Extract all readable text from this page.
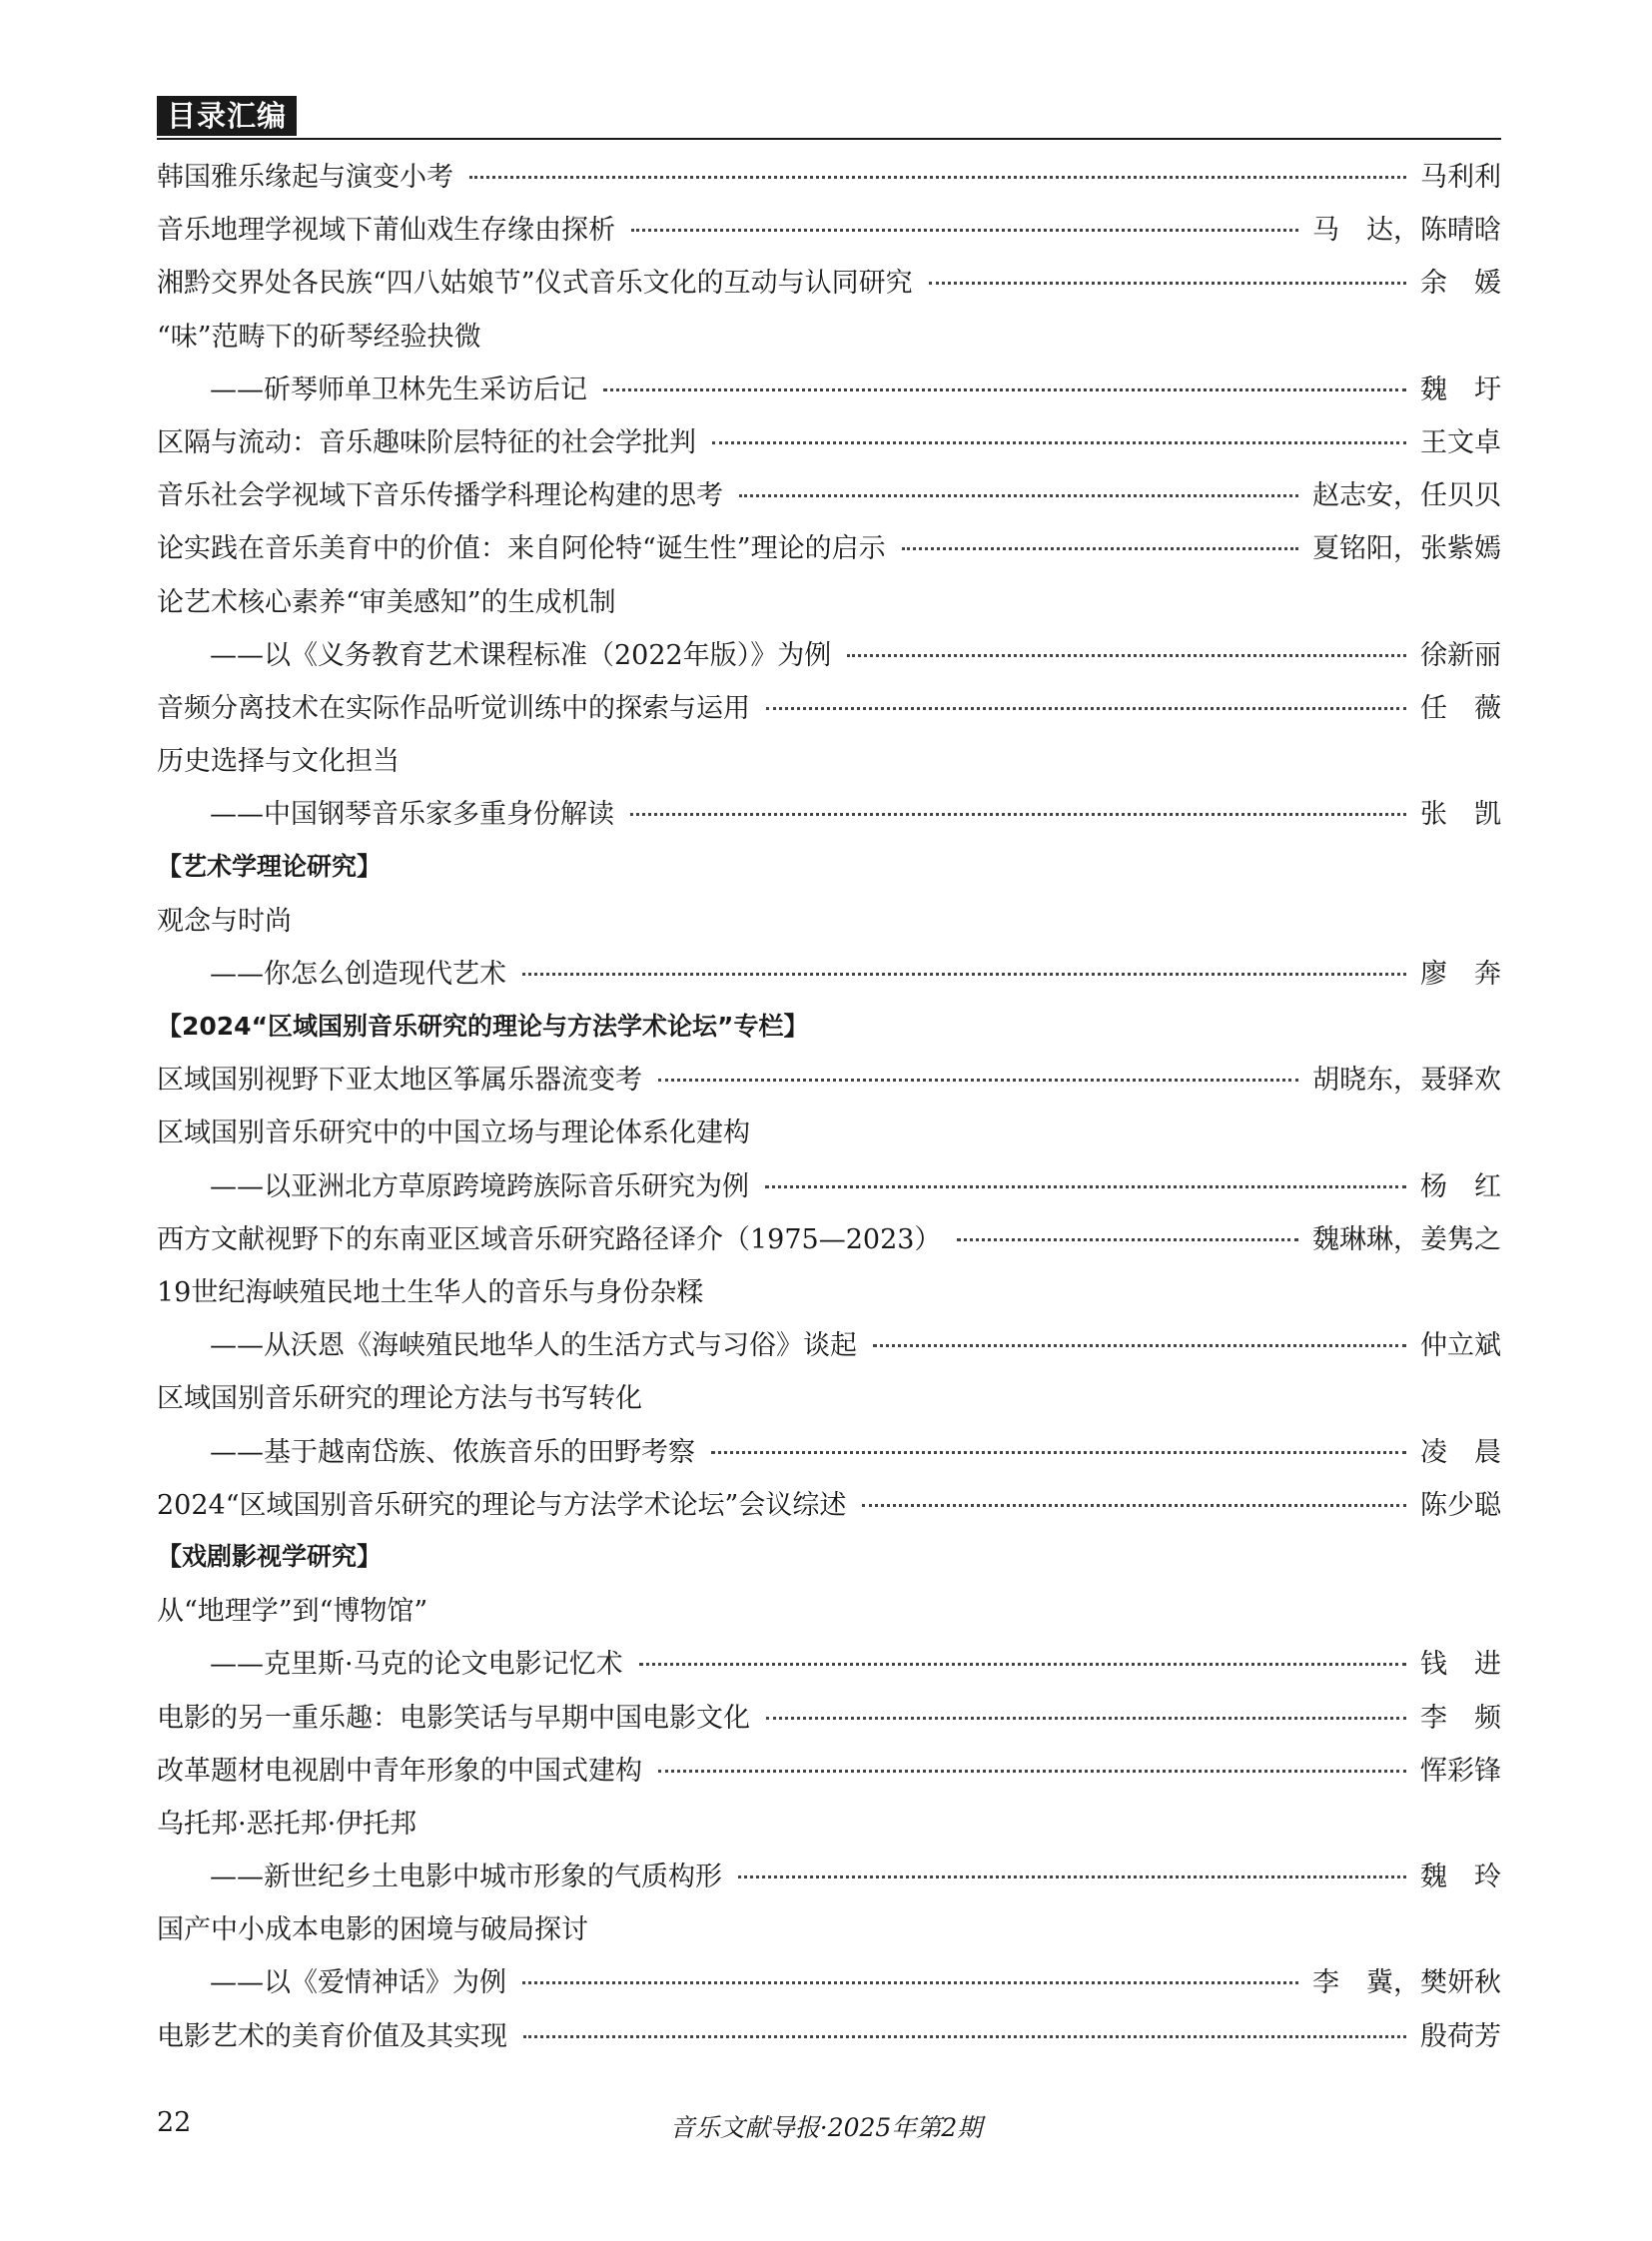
目录汇编
韩国雅乐缘起与演变小考	马利利
音乐地理学视域下莆仙戏生存缘由探析	马　达，陈晴晗
湘黔交界处各民族“四八姑娘节”仪式音乐文化的互动与认同研究	余　媛
“味”范畴下的斫琴经验抉微
——斫琴师单卫林先生采访后记	魏　圩
区隔与流动：音乐趣味阶层特征的社会学批判	王文卓
音乐社会学视域下音乐传播学科理论构建的思考	赵志安，任贝贝
论实践在音乐美育中的价值：来自阿伦特“诞生性”理论的启示	夏铭阳，张紫嫣
论艺术核心素养“审美感知”的生成机制
——以《义务教育艺术课程标准（2022年版）》为例	徐新丽
音频分离技术在实际作品听觉训练中的探索与运用	任　薇
历史选择与文化担当
——中国钢琴音乐家多重身份解读	张　凯
【艺术学理论研究】
观念与时尚
——你怎么创造现代艺术	廖　奔
【2024“区域国别音乐研究的理论与方法学术论坛”专栏】
区域国别视野下亚太地区筝属乐器流变考	胡晓东，聂驿欢
区域国别音乐研究中的中国立场与理论体系化建构
——以亚洲北方草原跨境跨族际音乐研究为例	杨　红
西方文献视野下的东南亚区域音乐研究路径译介（1975—2023）	魏琳琳，姜隽之
19世纪海峡殖民地土生华人的音乐与身份杂糅
——从沃恩《海峡殖民地华人的生活方式与习俗》谈起	仲立斌
区域国别音乐研究的理论方法与书写转化
——基于越南岱族、侬族音乐的田野考察	凌　晨
2024“区域国别音乐研究的理论与方法学术论坛”会议综述	陈少聪
【戏剧影视学研究】
从“地理学”到“博物馆”
——克里斯·马克的论文电影记忆术	钱　进
电影的另一重乐趣：电影笑话与早期中国电影文化	李　频
改革题材电视剧中青年形象的中国式建构	恽彩锋
乌托邦·恶托邦·伊托邦
——新世纪乡土电影中城市形象的气质构形	魏　玲
国产中小成本电影的困境与破局探讨
——以《爱情神话》为例	李　冀，樊妍秋
电影艺术的美育价值及其实现	殷荷芳
22	音乐文献导报·2025年第2期
